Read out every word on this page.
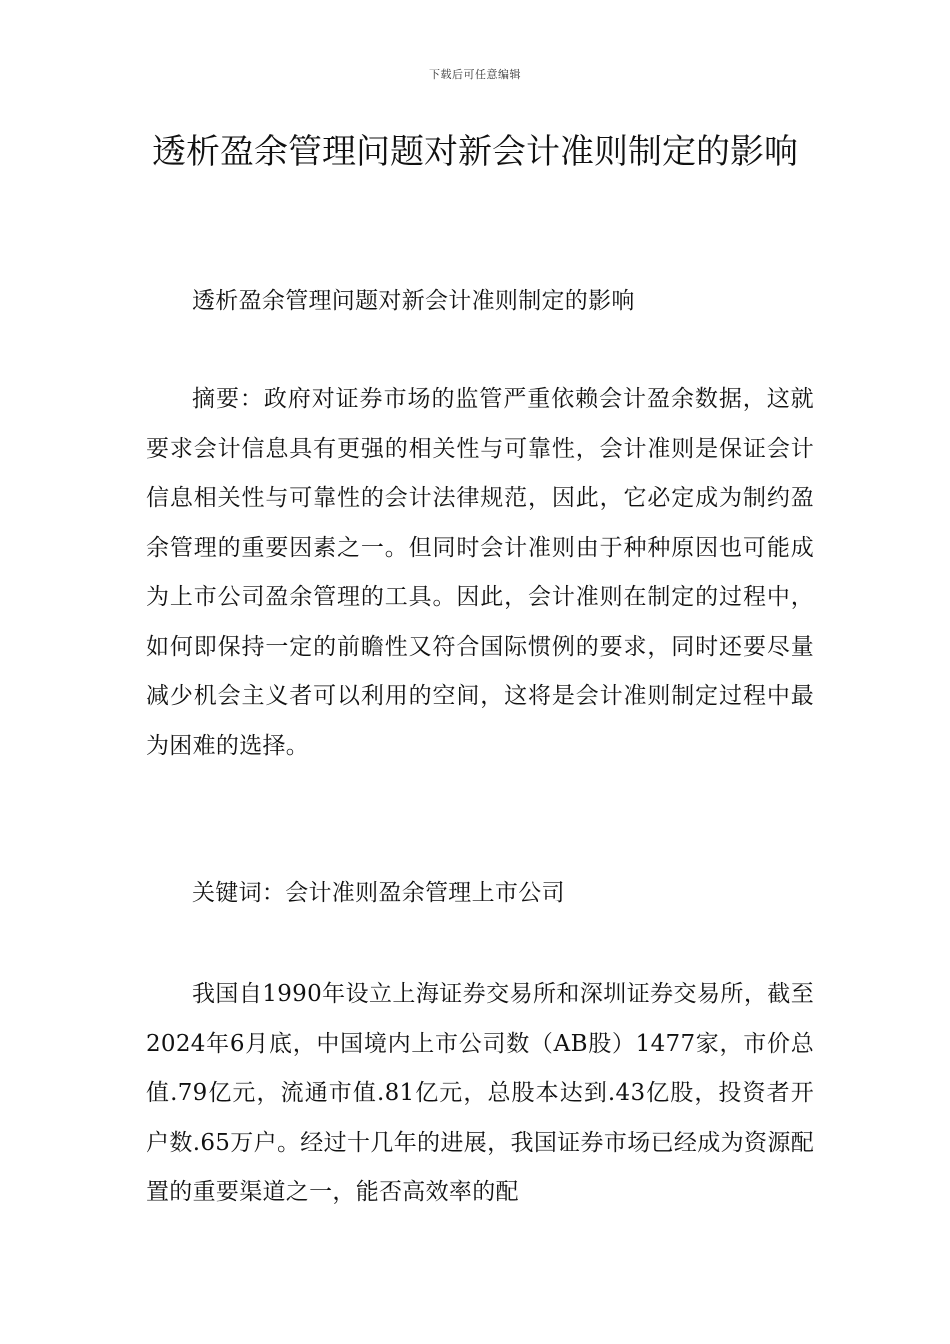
下载后可任意编辑
透析盈余管理问题对新会计准则制定的影响

透析盈余管理问题对新会计准则制定的影响

摘要：政府对证券市场的监管严重依赖会计盈余数据，这就要求会计信息具有更强的相关性与可靠性，会计准则是保证会计信息相关性与可靠性的会计法律规范，因此，它必定成为制约盈余管理的重要因素之一。但同时会计准则由于种种原因也可能成为上市公司盈余管理的工具。因此，会计准则在制定的过程中，如何即保持一定的前瞻性又符合国际惯例的要求，同时还要尽量减少机会主义者可以利用的空间，这将是会计准则制定过程中最为困难的选择。

关键词：会计准则盈余管理上市公司

我国自1990年设立上海证券交易所和深圳证券交易所，截至2024年6月底，中国境内上市公司数（AB股）1477家，市价总值.79亿元，流通市值.81亿元，总股本达到.43亿股，投资者开户数.65万户。经过十几年的进展，我国证券市场已经成为资源配置的重要渠道之一，能否高效率的配
